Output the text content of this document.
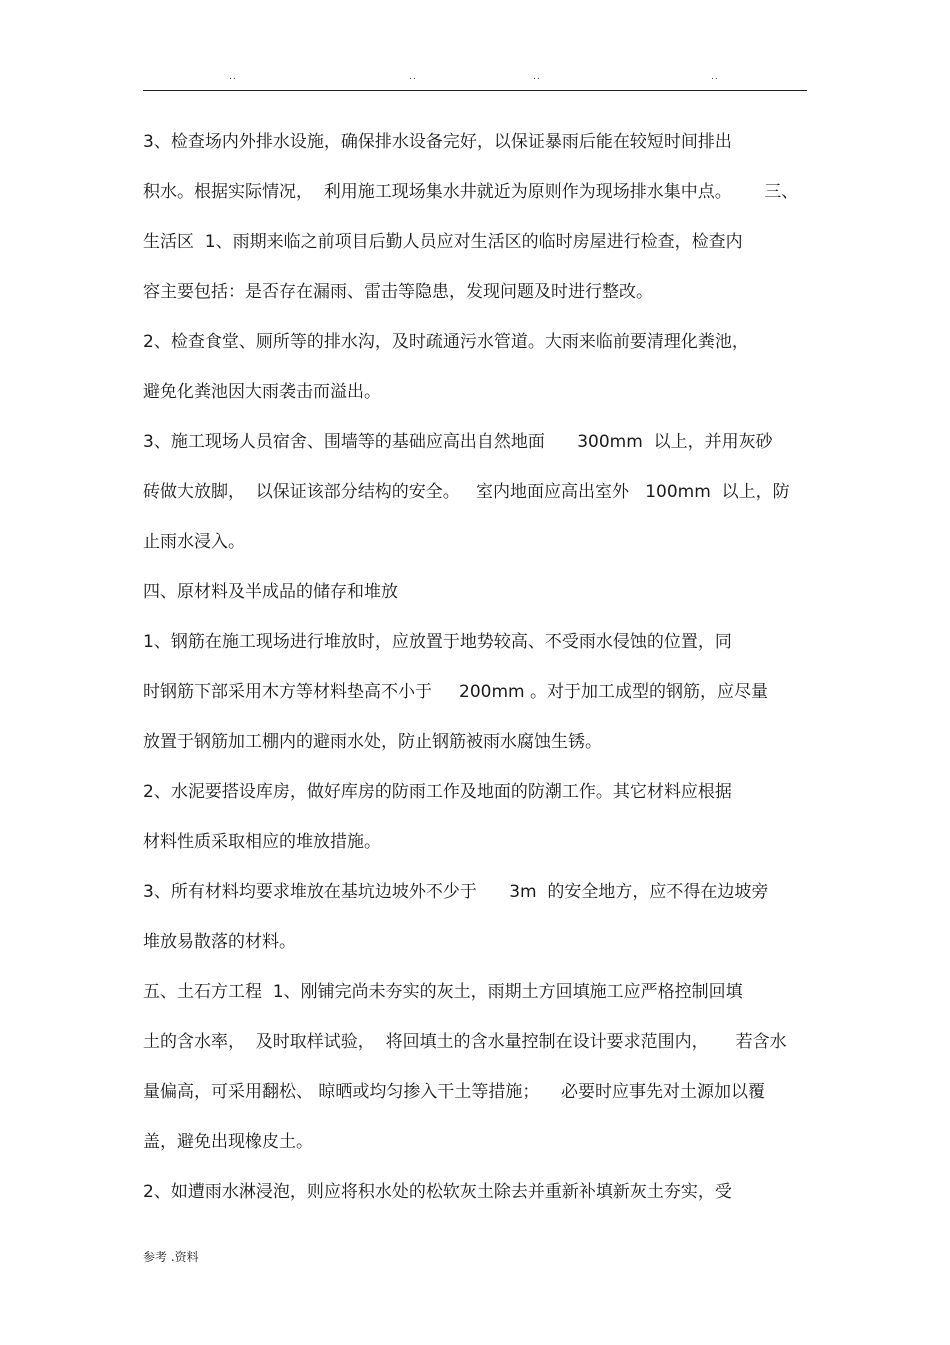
..	..	..	..
3、检查场内外排水设施，确保排水设备完好，以保证暴雨后能在较短时间排出
积水。根据实际情况，  利用施工现场集水井就近为原则作为现场排水集中点。      三、
生活区  1、雨期来临之前项目后勤人员应对生活区的临时房屋进行检查，检查内
容主要包括：是否存在漏雨、雷击等隐患，发现问题及时进行整改。
2、检查食堂、厕所等的排水沟，及时疏通污水管道。大雨来临前要清理化粪池，
避免化粪池因大雨袭击而溢出。
3、施工现场人员宿舍、围墙等的基础应高出自然地面      300mm  以上，并用灰砂
砖做大放脚，  以保证该部分结构的安全。   室内地面应高出室外   100mm  以上，防
止雨水浸入。
四、原材料及半成品的储存和堆放
1、钢筋在施工现场进行堆放时，应放置于地势较高、不受雨水侵蚀的位置，同
时钢筋下部采用木方等材料垫高不小于     200mm 。对于加工成型的钢筋，应尽量
放置于钢筋加工棚内的避雨水处，防止钢筋被雨水腐蚀生锈。
2、水泥要搭设库房，做好库房的防雨工作及地面的防潮工作。其它材料应根据
材料性质采取相应的堆放措施。
3、所有材料均要求堆放在基坑边坡外不少于      3m  的安全地方，应不得在边坡旁
堆放易散落的材料。
五、土石方工程  1、刚铺完尚未夯实的灰土，雨期土方回填施工应严格控制回填
土的含水率，  及时取样试验，  将回填土的含水量控制在设计要求范围内，     若含水
量偏高，可采用翻松、 晾晒或均匀掺入干土等措施；    必要时应事先对土源加以覆
盖，避免出现橡皮土。
2、如遭雨水淋浸泡，则应将积水处的松软灰土除去并重新补填新灰土夯实，受
参考 .资料
